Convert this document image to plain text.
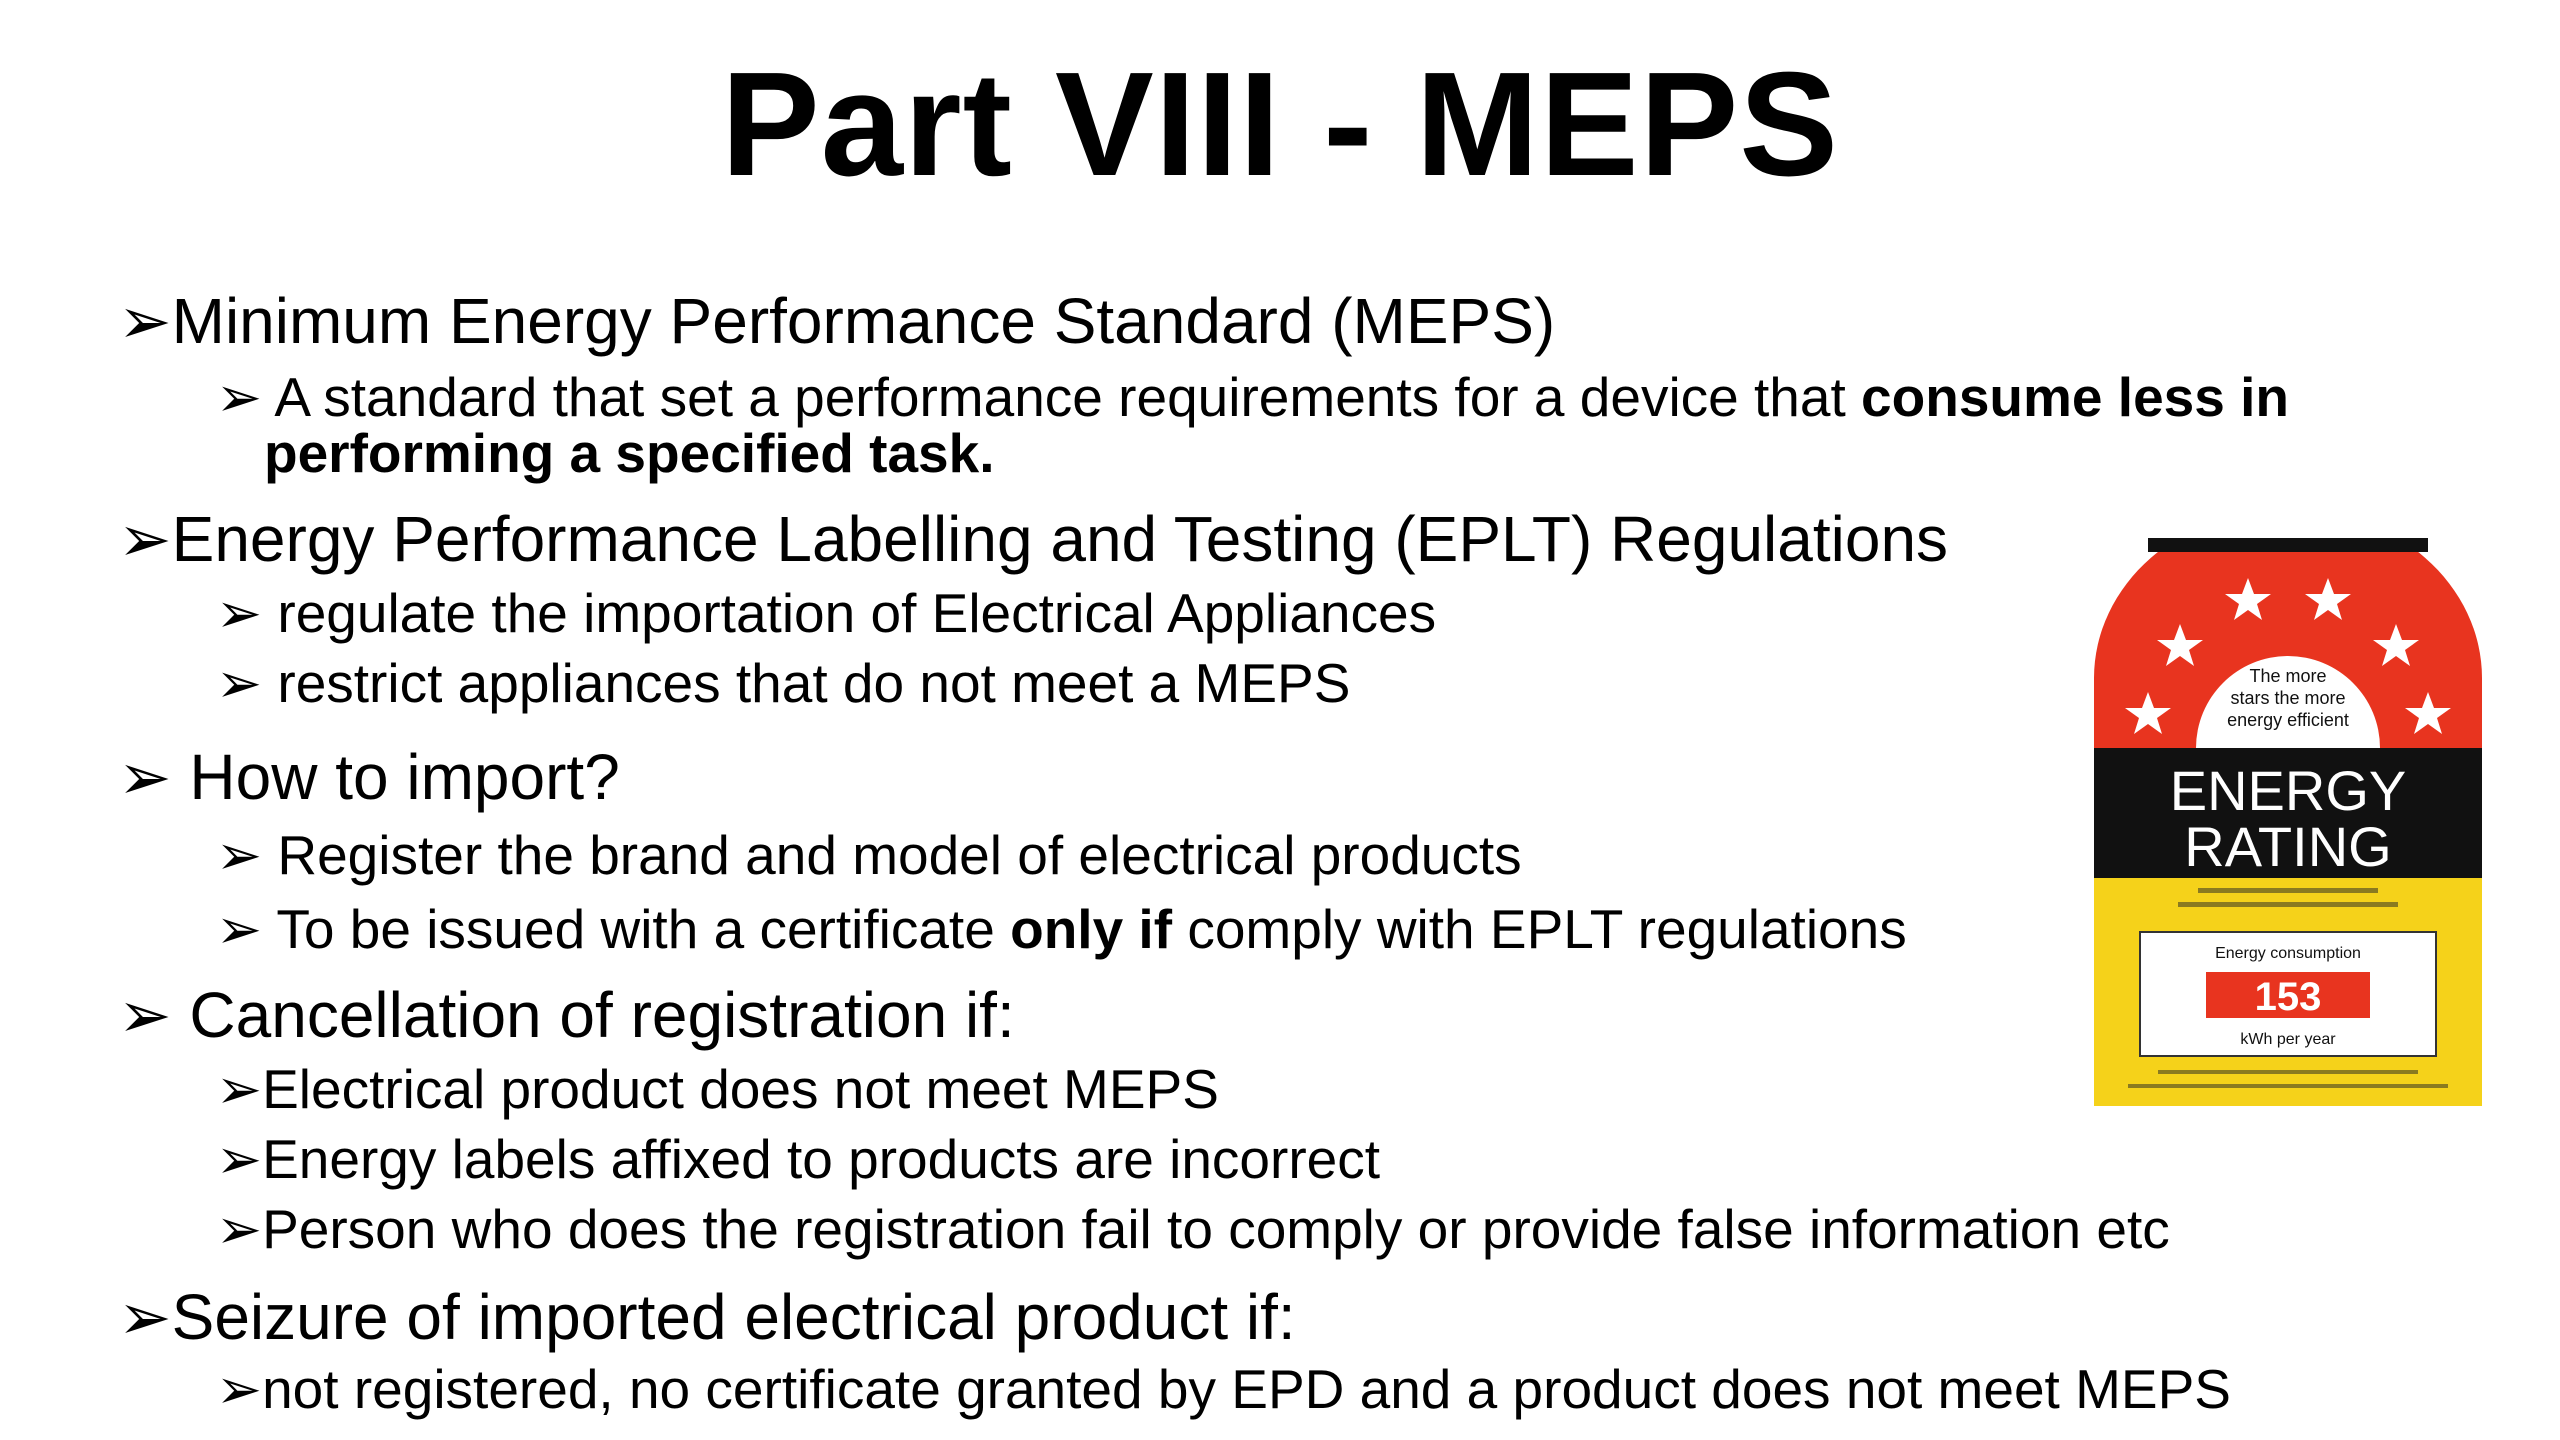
Part VIII - MEPS
➢Minimum Energy Performance Standard (MEPS)
➢ A standard that set a performance requirements for a device that consume less in
performing a specified task.
➢Energy Performance Labelling and Testing (EPLT) Regulations
➢ regulate the importation of Electrical Appliances
➢ restrict appliances that do not meet a MEPS
➢ How to import?
➢ Register the brand and model of electrical products
➢ To be issued with a certificate only if comply with EPLT regulations
➢ Cancellation of registration if:
➢Electrical product does not meet MEPS
➢Energy labels affixed to products are incorrect
➢Person who does the registration fail to comply or provide false information etc
➢Seizure of imported electrical product if:
➢not registered, no certificate granted by EPD and a product does not meet MEPS
The more
stars the more
energy efficient
ENERGY
RATING
Energy consumption
153
kWh per year
